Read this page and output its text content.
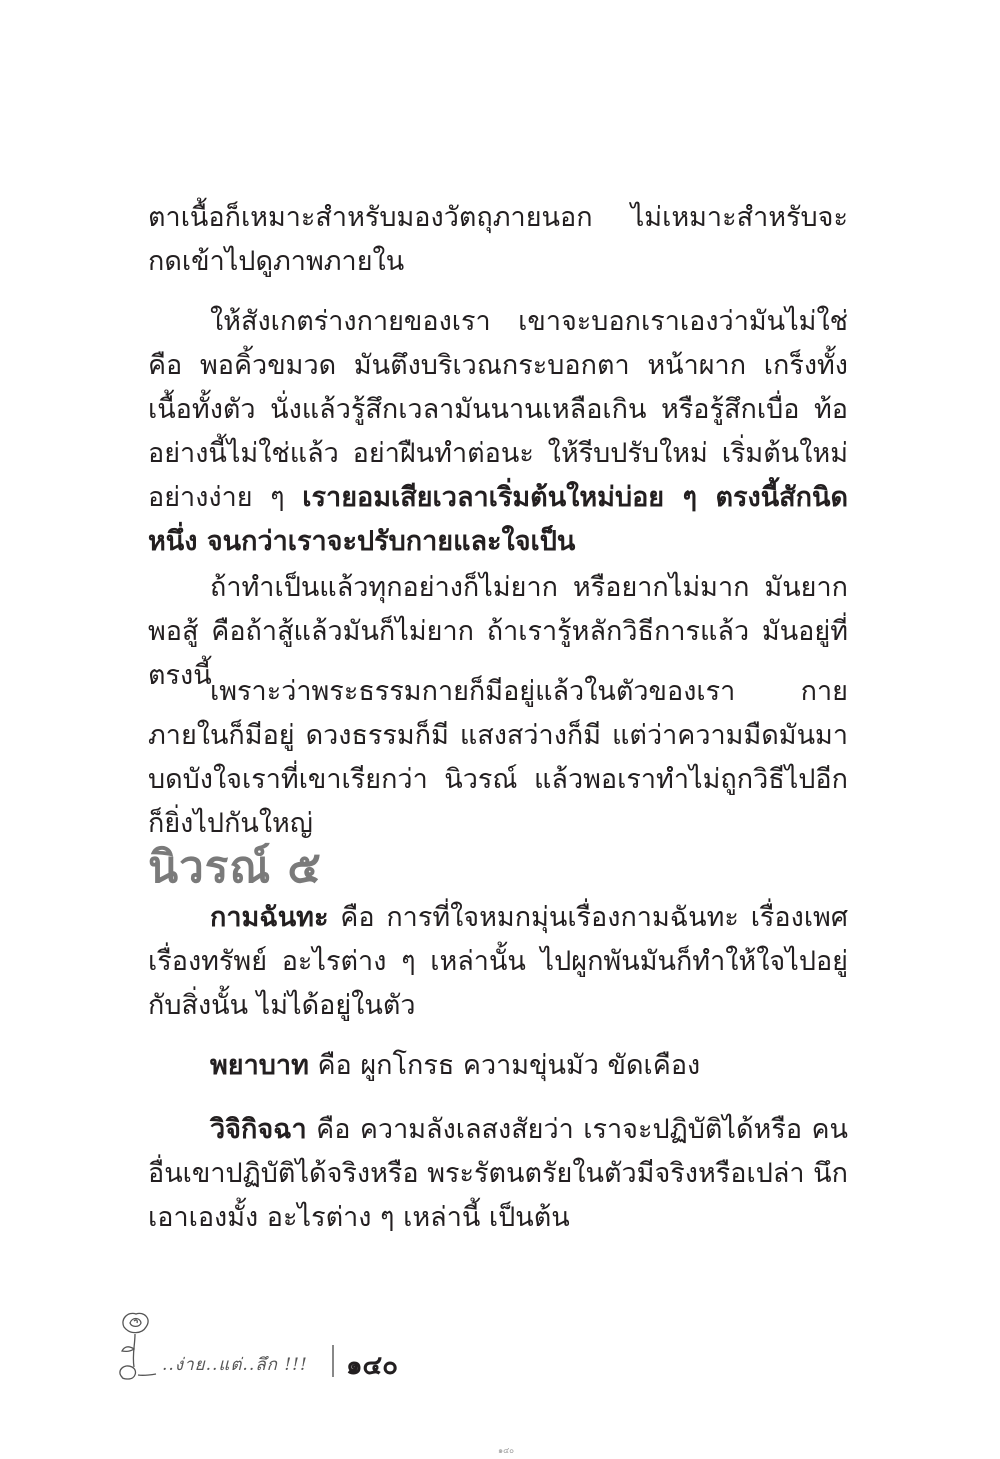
ตาเนื้อก็เหมาะสำหรับมองวัตถุภายนอก ไม่เหมาะสำหรับจะกดเข้าไปดูภาพภายใน

ให้สังเกตร่างกายของเรา เขาจะบอกเราเองว่ามันไม่ใช่ คือ พอคิ้วขมวด มันตึงบริเวณกระบอกตา หน้าผาก เกร็งทั้งเนื้อทั้งตัว นั่งแล้วรู้สึกเวลามันนานเหลือเกิน หรือรู้สึกเบื่อ ท้อ อย่างนี้ไม่ใช่แล้ว อย่าฝืนทำต่อนะ ให้รีบปรับใหม่ เริ่มต้นใหม่อย่างง่าย ๆ เรายอมเสียเวลาเริ่มต้นใหม่บ่อย ๆ ตรงนี้สักนิดหนึ่ง จนกว่าเราจะปรับกายและใจเป็น

ถ้าทำเป็นแล้วทุกอย่างก็ไม่ยาก หรือยากไม่มาก มันยากพอสู้ คือถ้าสู้แล้วมันก็ไม่ยาก ถ้าเรารู้หลักวิธีการแล้ว มันอยู่ที่ตรงนี้

เพราะว่าพระธรรมกายก็มีอยู่แล้วในตัวของเรา กายภายในก็มีอยู่ ดวงธรรมก็มี แสงสว่างก็มี แต่ว่าความมืดมันมาบดบังใจเราที่เขาเรียกว่า นิวรณ์ แล้วพอเราทำไม่ถูกวิธีไปอีกก็ยิ่งไปกันใหญ่

นิวรณ์ ๕

กามฉันทะ คือ การที่ใจหมกมุ่นเรื่องกามฉันทะ เรื่องเพศ เรื่องทรัพย์ อะไรต่าง ๆ เหล่านั้น ไปผูกพันมันก็ทำให้ใจไปอยู่กับสิ่งนั้น ไม่ได้อยู่ในตัว

พยาบาท คือ ผูกโกรธ ความขุ่นมัว ขัดเคือง

วิจิกิจฉา คือ ความลังเลสงสัยว่า เราจะปฏิบัติได้หรือ คนอื่นเขาปฏิบัติได้จริงหรือ พระรัตนตรัยในตัวมีจริงหรือเปล่า นึกเอาเองมั้ง อะไรต่าง ๆ เหล่านี้ เป็นต้น

..ง่าย..แต่..ลึก !!! ๑๔๐
๑๔๐
